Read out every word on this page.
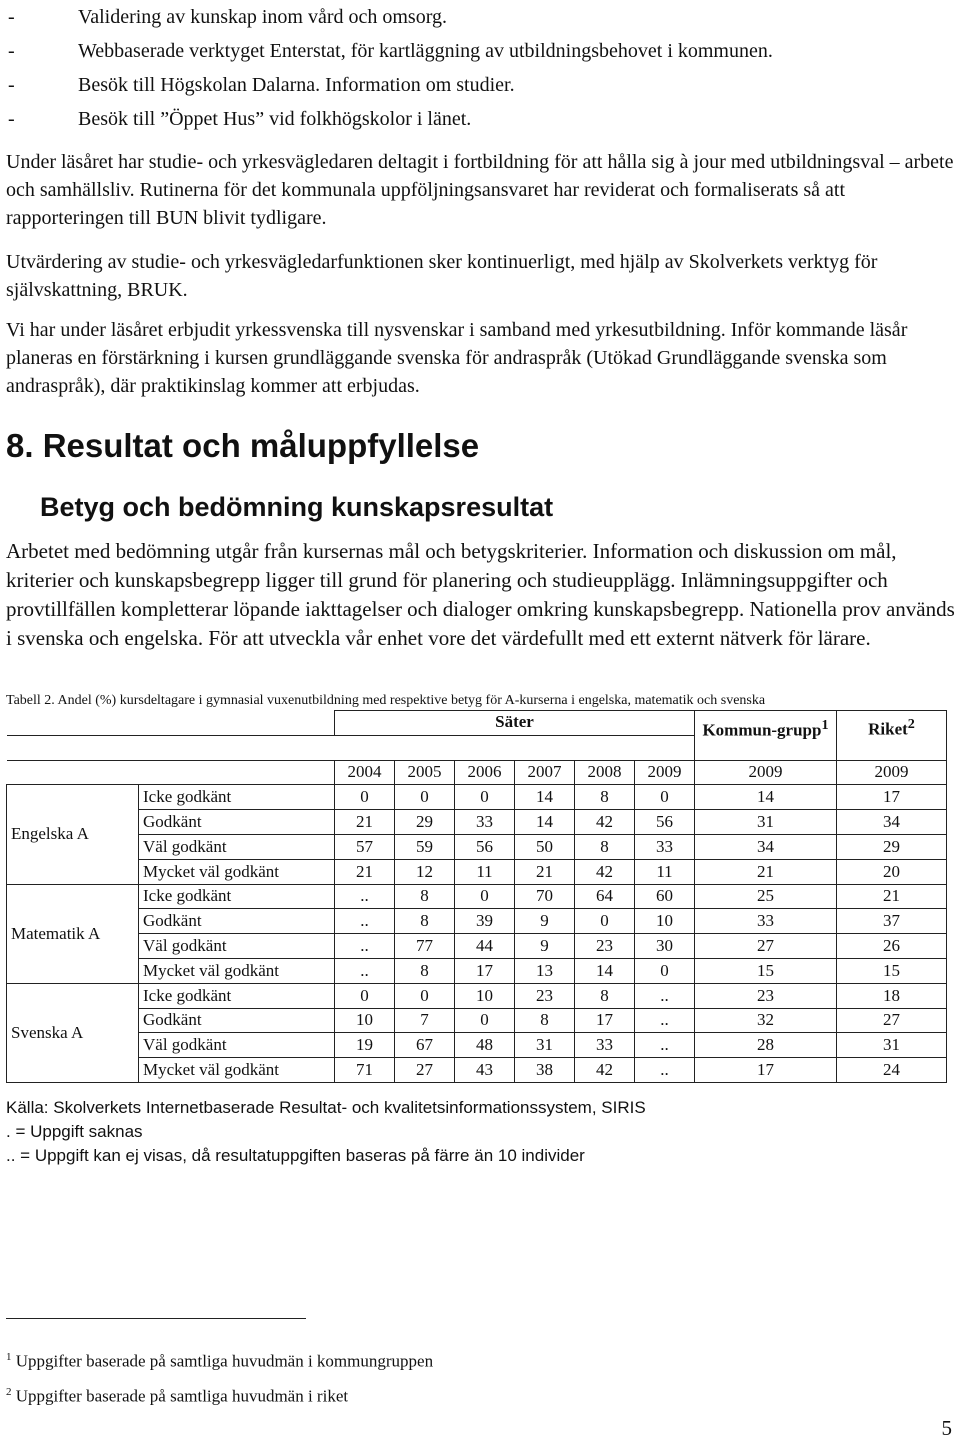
-	Validering av kunskap inom vård och omsorg.
-	Webbaserade verktyget Enterstat, för kartläggning av utbildningsbehovet i kommunen.
-	Besök till Högskolan Dalarna. Information om studier.
-	Besök till ”Öppet Hus” vid folkhögskolor i länet.

Under läsåret har studie- och yrkesvägledaren deltagit i fortbildning för att hålla sig à jour med utbildningsval – arbete och samhällsliv. Rutinerna för det kommunala uppföljningsansvaret har reviderat och formaliserats så att rapporteringen till BUN blivit tydligare.

Utvärdering av studie- och yrkesvägledarfunktionen sker kontinuerligt, med hjälp av Skolverkets verktyg för självskattning, BRUK.

Vi har under läsåret erbjudit yrkessvenska till nysvenskar i samband med yrkesutbildning. Inför kommande läsår planeras en förstärkning i kursen grundläggande svenska för andraspråk (Utökad Grundläggande svenska som andraspråk), där praktikinslag kommer att erbjudas.

8. Resultat och måluppfyllelse
Betyg och bedömning kunskapsresultat

Arbetet med bedömning utgår från kursernas mål och betygskriterier. Information och diskussion om mål, kriterier och kunskapsbegrepp ligger till grund för planering och studieupplägg. Inlämningsuppgifter och provtillfällen kompletterar löpande iakttagelser och dialoger omkring kunskapsbegrepp. Nationella prov används i svenska och engelska. För att utveckla vår enhet vore det värdefullt med ett externt nätverk för lärare.

Tabell 2. Andel (%) kursdeltagare i gymnasial vuxenutbildning med respektive betyg för A-kurserna i engelska, matematik och svenska
		Säter						Kommun-grupp$^1$	Riket$^2$

		2004	2005	2006	2007	2008	2009	2009	2009
Engelska A	Icke godkänt	0	0	0	14	8	0	14	17
	Godkänt	21	29	33	14	42	56	31	34
	Väl godkänt	57	59	56	50	8	33	34	29
	Mycket väl godkänt	21	12	11	21	42	11	21	20
Matematik A	Icke godkänt	..	8	0	70	64	60	25	21
	Godkänt	..	8	39	9	0	10	33	37
	Väl godkänt	..	77	44	9	23	30	27	26
	Mycket väl godkänt	..	8	17	13	14	0	15	15
Svenska A	Icke godkänt	0	0	10	23	8	..	23	18
	Godkänt	10	7	0	8	17	..	32	27
	Väl godkänt	19	67	48	31	33	..	28	31
	Mycket väl godkänt	71	27	43	38	42	..	17	24
Källa: Skolverkets Internetbaserade Resultat- och kvalitetsinformationssystem, SIRIS
. = Uppgift saknas
.. = Uppgift kan ej visas, då resultatuppgiften baseras på färre än 10 individer
$^1$ Uppgifter baserade på samtliga huvudmän i kommungruppen
$^2$ Uppgifter baserade på samtliga huvudmän i riket
5
